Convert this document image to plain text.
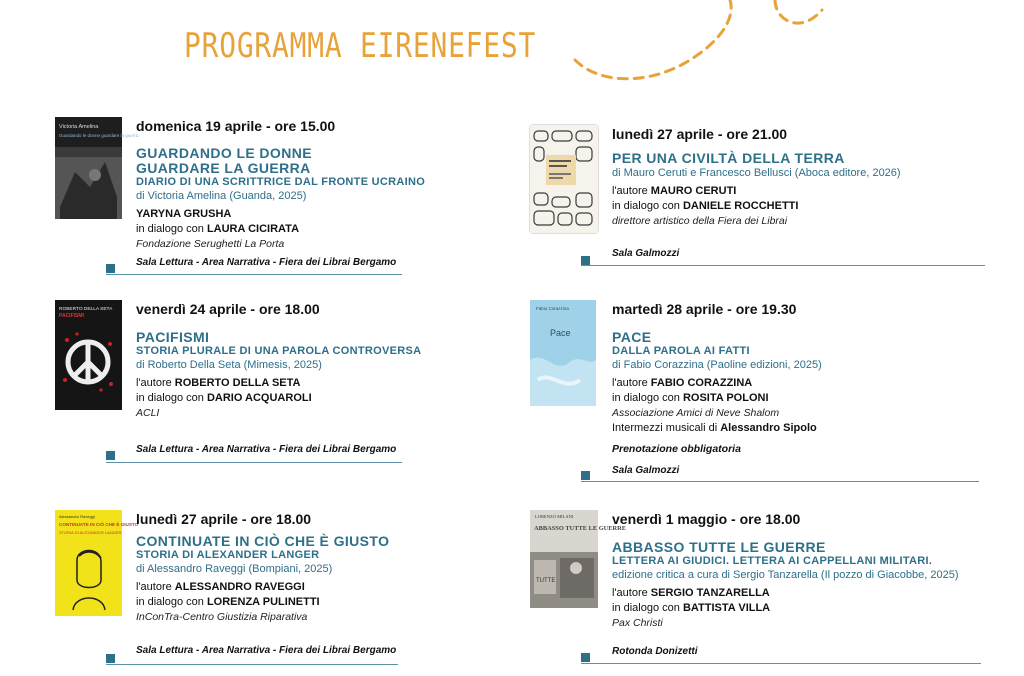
PROGRAMMA EIRENEFEST
Victoria Amelina
Guardando le donne guardare la guerra
domenica 19 aprile - ore 15.00
GUARDANDO LE DONNE
GUARDARE LA GUERRA
DIARIO DI UNA SCRITTRICE DAL FRONTE UCRAINO
di Victoria Amelina (Guanda, 2025)
YARYNA GRUSHA
in dialogo con LAURA CICIRATA
Fondazione Serughetti La Porta
Sala Lettura - Area Narrativa - Fiera dei Librai Bergamo
ROBERTO DELLA SETA
PACIFISMI	venerdì 24 aprile - ore 18.00
PACIFISMI
STORIA PLURALE DI UNA PAROLA CONTROVERSA
di Roberto Della Seta (Mimesis, 2025)
l'autore ROBERTO DELLA SETA
in dialogo con DARIO ACQUAROLI
ACLI
Sala Lettura - Area Narrativa - Fiera dei Librai Bergamo
Alessandro Raveggi
CONTINUATE IN CIÒ CHE È GIUSTO
STORIA DI ALEXANDER LANGER
lunedì 27 aprile - ore 18.00
CONTINUATE IN CIÒ CHE È GIUSTO
STORIA DI ALEXANDER LANGER
di Alessandro Raveggi (Bompiani, 2025)
l'autore ALESSANDRO RAVEGGI
in dialogo con LORENZA PULINETTI
InConTra-Centro Giustizia Riparativa
Sala Lettura - Area Narrativa - Fiera dei Librai Bergamo
lunedì 27 aprile - ore 21.00
PER UNA CIVILTÀ DELLA TERRA
di Mauro Ceruti e Francesco Bellusci (Aboca editore, 2026)
l'autore MAURO CERUTI
in dialogo con DANIELE ROCCHETTI
direttore artistico della Fiera dei Librai
Sala Galmozzi
Fabio Corazzina
Pace
martedì 28 aprile - ore 19.30
PACE
DALLA PAROLA AI FATTI
di Fabio Corazzina (Paoline edizioni, 2025)
l'autore FABIO CORAZZINA
in dialogo con ROSITA POLONI
Associazione Amici di Neve Shalom
Intermezzi musicali di Alessandro Sipolo
Prenotazione obbligatoria
Sala Galmozzi
LORENZO MILANI
ABBASSO TUTTE LE GUERRE
TUTTE
venerdì 1 maggio - ore 18.00
ABBASSO TUTTE LE GUERRE
LETTERA AI GIUDICI. LETTERA AI CAPPELLANI MILITARI.
edizione critica a cura di Sergio Tanzarella (Il pozzo di Giacobbe, 2025)
l'autore SERGIO TANZARELLA
in dialogo con BATTISTA VILLA
Pax Christi
Rotonda Donizetti
